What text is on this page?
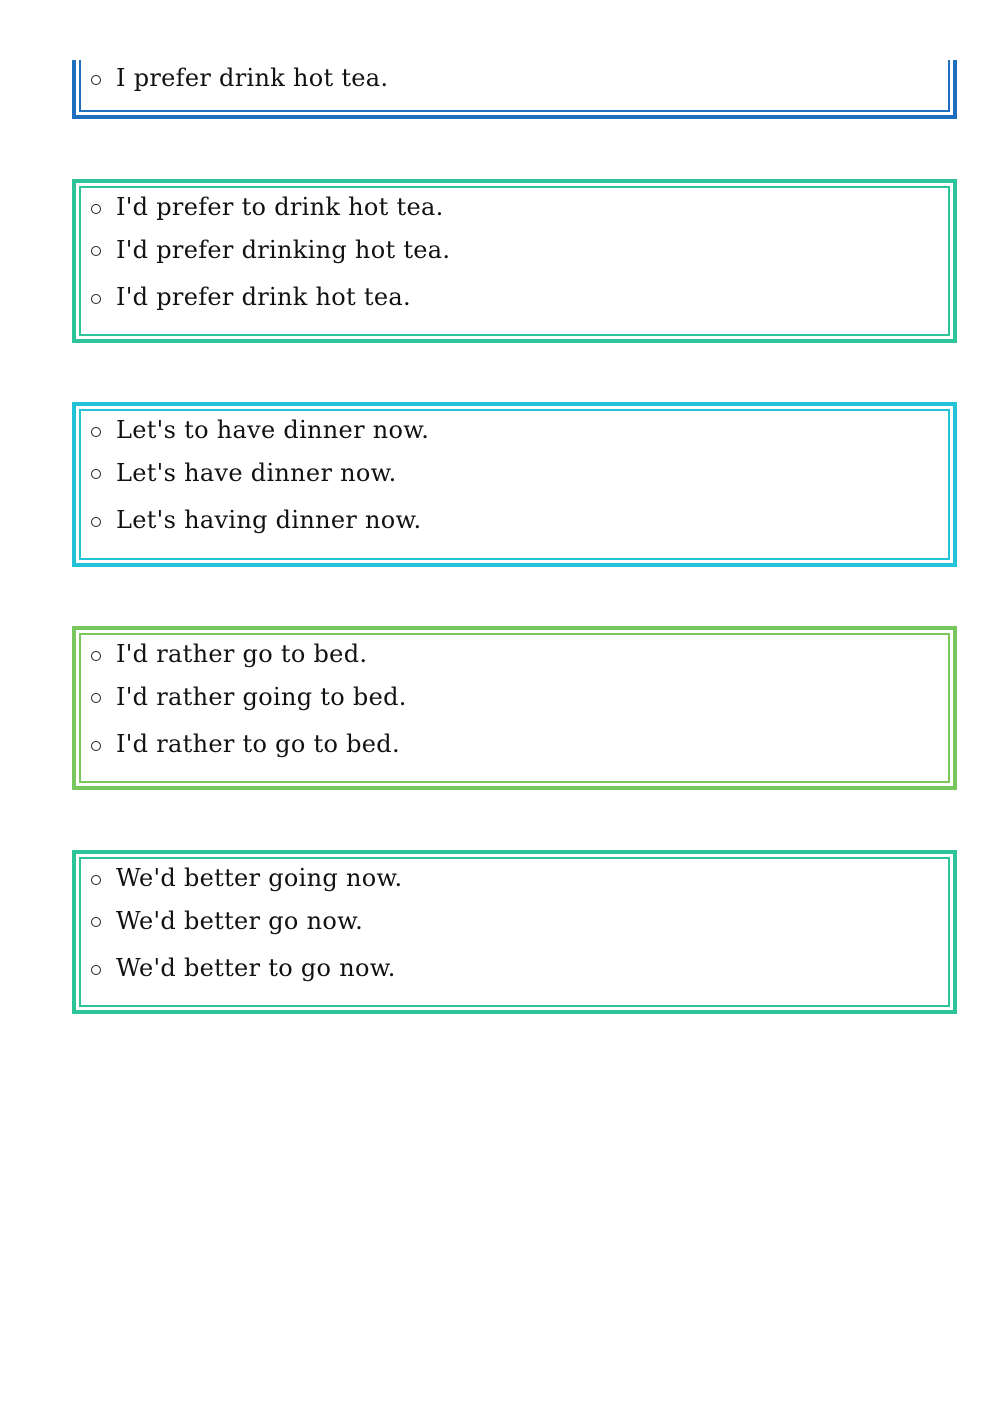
I prefer drink hot tea.
I'd prefer to drink hot tea.
I'd prefer drinking hot tea.
I'd prefer drink hot tea.
Let's to have dinner now.
Let's have dinner now.
Let's having dinner now.
I'd rather go to bed.
I'd rather going to bed.
I'd rather to go to bed.
We'd better going now.
We'd better go now.
We'd better to go now.
